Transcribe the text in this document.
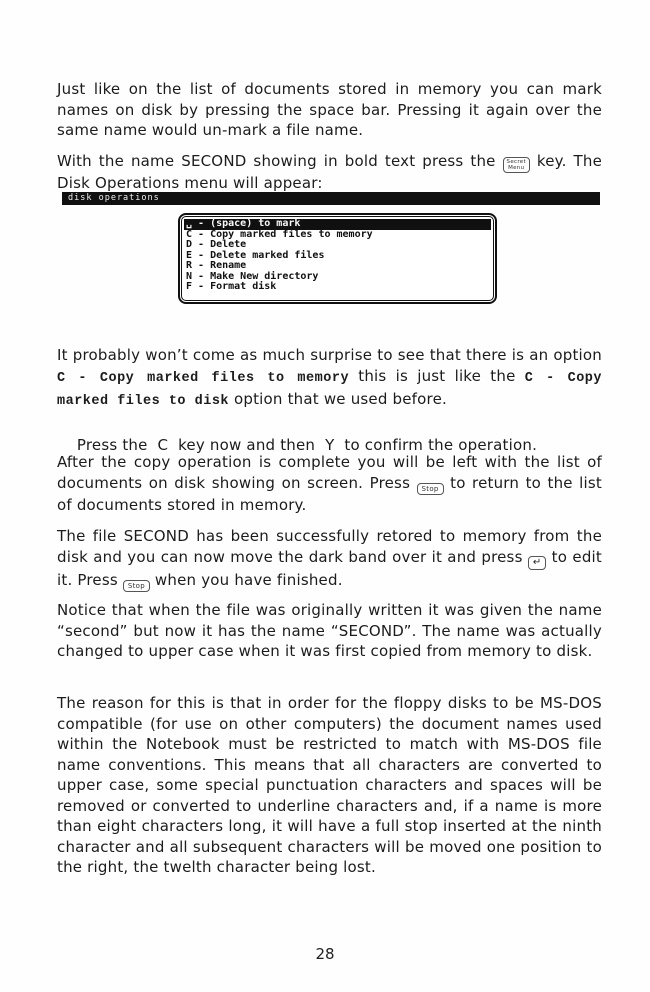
Just like on the list of documents stored in memory you can mark names on disk by pressing the space bar. Pressing it again over the same name would un-mark a file name.

With the name SECOND showing in bold text press the Secret
Menu key. The Disk Operations menu will appear:

disk operations
␣ - (space) to mark
C - Copy marked files to memory
D - Delete
E - Delete marked files
R - Rename
N - Make New directory
F - Format disk

It probably won’t come as much surprise to see that there is an option C - Copy marked files to memory this is just like the C - Copy marked files to disk option that we used before.

Press the  C  key now and then  Y  to confirm the operation.

After the copy operation is complete you will be left with the list of documents on disk showing on screen. Press Stop to return to the list of documents stored in memory.

The file SECOND has been successfully retored to memory from the disk and you can now move the dark band over it and press ↵ to edit it. Press Stop when you have finished.

Notice that when the file was originally written it was given the name “second” but now it has the name “SECOND”. The name was actually changed to upper case when it was first copied from memory to disk.

The reason for this is that in order for the floppy disks to be MS-DOS compatible (for use on other computers) the document names used within the Notebook must be restricted to match with MS-DOS file name conventions. This means that all characters are converted to upper case, some special punctuation characters and spaces will be removed or converted to underline characters and, if a name is more than eight characters long, it will have a full stop inserted at the ninth character and all subsequent characters will be moved one position to the right, the twelth character being lost.

28
